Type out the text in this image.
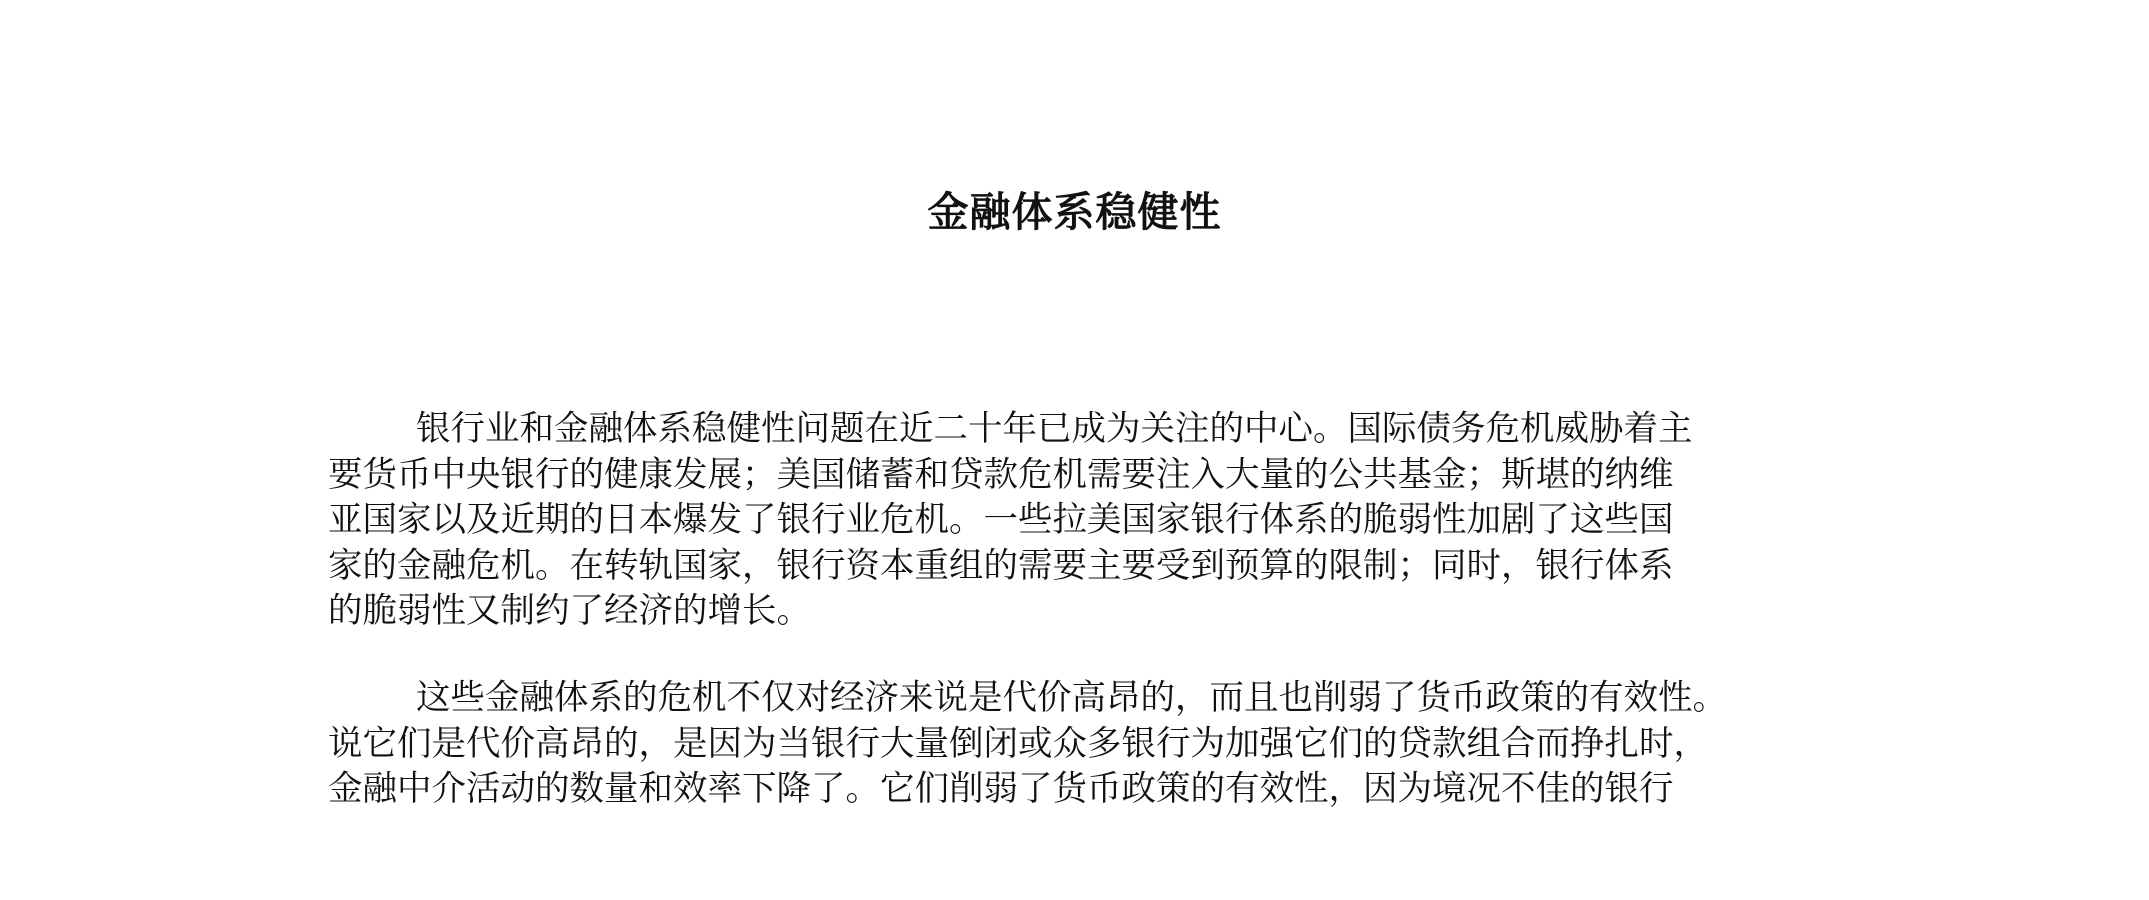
金融体系稳健性

银行业和金融体系稳健性问题在近二十年已成为关注的中心。国际债务危机威胁着主
要货币中央银行的健康发展；美国储蓄和贷款危机需要注入大量的公共基金；斯堪的纳维
亚国家以及近期的日本爆发了银行业危机。一些拉美国家银行体系的脆弱性加剧了这些国
家的金融危机。在转轨国家，银行资本重组的需要主要受到预算的限制；同时，银行体系
的脆弱性又制约了经济的增长。

这些金融体系的危机不仅对经济来说是代价高昂的，而且也削弱了货币政策的有效性。
说它们是代价高昂的，是因为当银行大量倒闭或众多银行为加强它们的贷款组合而挣扎时，
金融中介活动的数量和效率下降了。它们削弱了货币政策的有效性，因为境况不佳的银行
